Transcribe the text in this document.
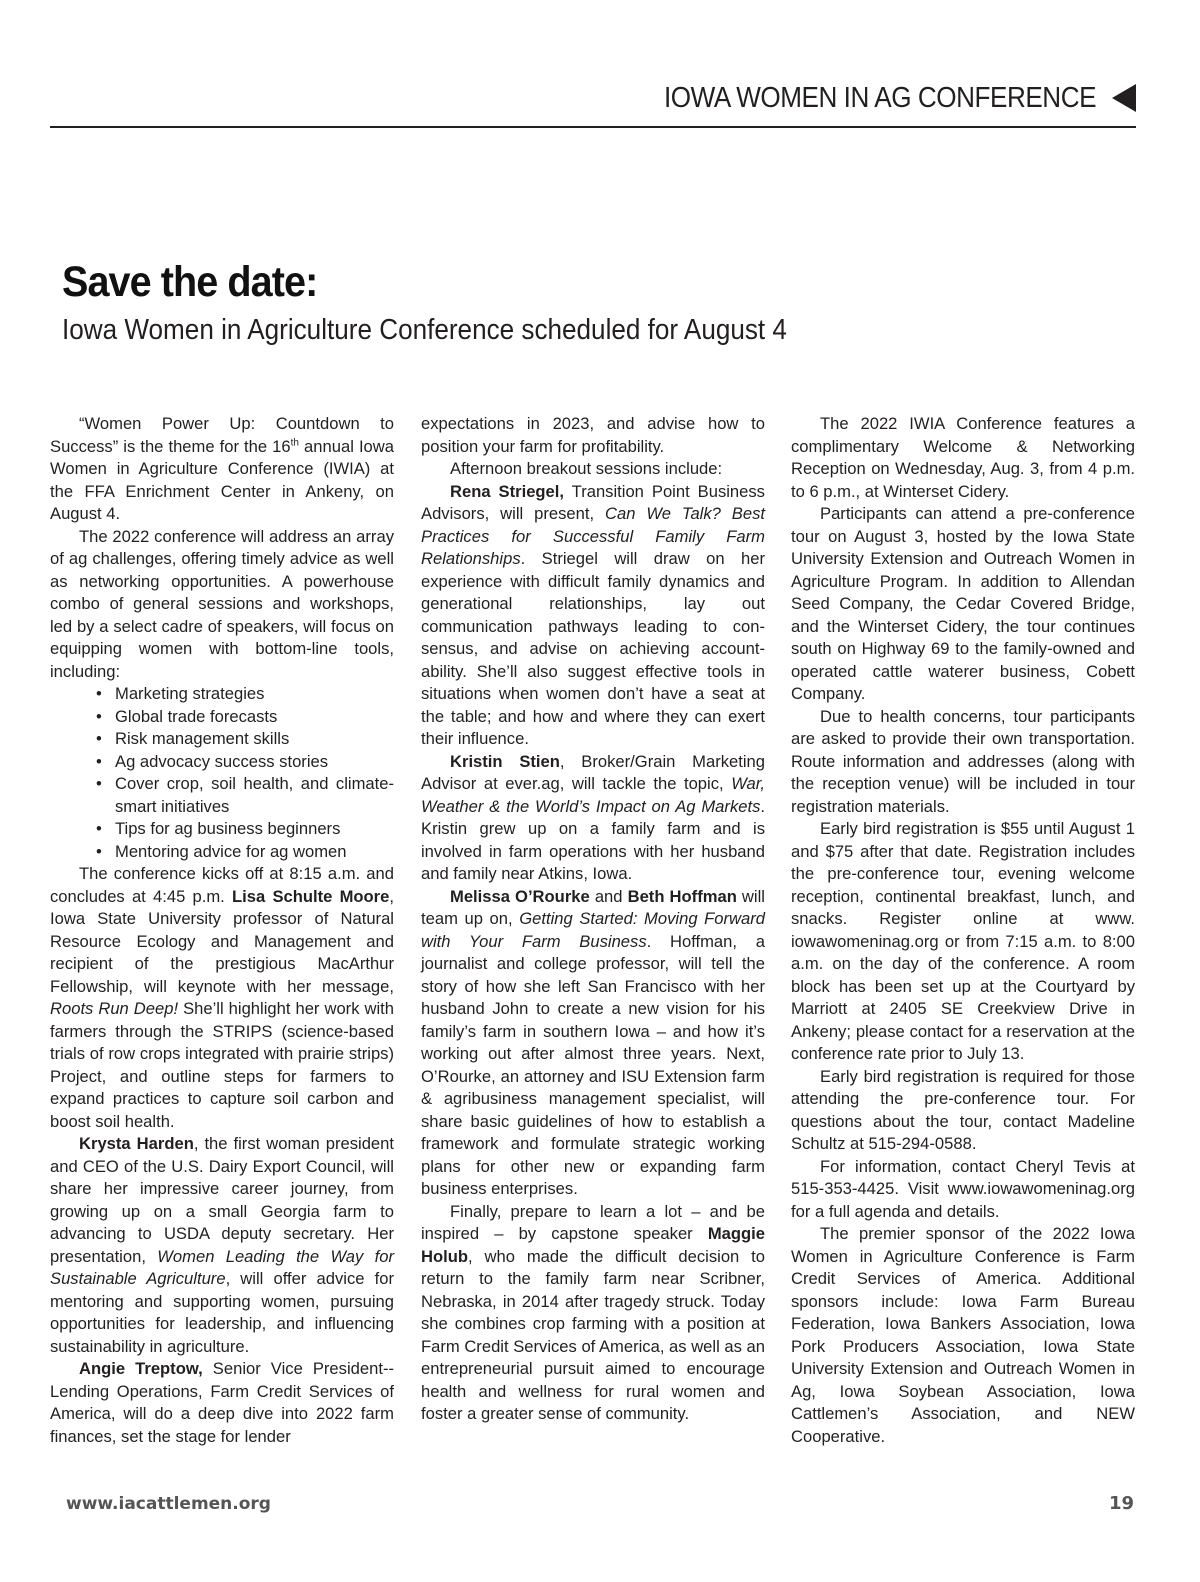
IOWA WOMEN IN AG CONFERENCE
Save the date:
Iowa Women in Agriculture Conference scheduled for August 4

“Women Power Up: Countdown to Success” is the theme for the 16th annual Iowa Women in Agriculture Conference (IWIA) at the FFA Enrichment Center in Ankeny, on August 4.

The 2022 conference will address an array of ag challenges, offering timely advice as well as networking opportunities. A powerhouse combo of general sessions and workshops, led by a select cadre of speakers, will focus on equipping women with bottom-line tools, including:

• Marketing strategies
• Global trade forecasts
• Risk management skills
• Ag advocacy success stories
• Cover crop, soil health, and climate-smart initiatives
• Tips for ag business beginners
• Mentoring advice for ag women

The conference kicks off at 8:15 a.m. and concludes at 4:45 p.m. Lisa Schulte Moore, Iowa State University professor of Natural Resource Ecology and Management and recipient of the prestigious MacArthur Fellowship, will keynote with her message, Roots Run Deep! She’ll highlight her work with farmers through the STRIPS (science-based trials of row crops integrated with prairie strips) Project, and outline steps for farmers to expand practices to capture soil carbon and boost soil health.

Krysta Harden, the first woman president and CEO of the U.S. Dairy Export Council, will share her impressive career journey, from growing up on a small Georgia farm to advancing to USDA deputy secretary. Her presentation, Women Leading the Way for Sustainable Agriculture, will offer advice for mentoring and supporting women, pursuing opportunities for leadership, and influencing sustainability in agriculture.

Angie Treptow, Senior Vice President--Lending Operations, Farm Credit Services of America, will do a deep dive into 2022 farm finances, set the stage for lender

expectations in 2023, and advise how to position your farm for profitability.

Afternoon breakout sessions include:

Rena Striegel, Transition Point Business Advisors, will present, Can We Talk? Best Practices for Successful Family Farm Relationships. Striegel will draw on her experience with difficult family dynamics and generational relationships, lay out communication pathways leading to consensus, and advise on achieving accountability. She’ll also suggest effective tools in situations when women don’t have a seat at the table; and how and where they can exert their influence.

Kristin Stien, Broker/Grain Marketing Advisor at ever.ag, will tackle the topic, War, Weather & the World’s Impact on Ag Markets. Kristin grew up on a family farm and is involved in farm operations with her husband and family near Atkins, Iowa.

Melissa O’Rourke and Beth Hoffman will team up on, Getting Started: Moving Forward with Your Farm Business. Hoffman, a journalist and college professor, will tell the story of how she left San Francisco with her husband John to create a new vision for his family’s farm in southern Iowa – and how it’s working out after almost three years. Next, O’Rourke, an attorney and ISU Extension farm & agribusiness management specialist, will share basic guidelines of how to establish a framework and formulate strategic working plans for other new or expanding farm business enterprises.

Finally, prepare to learn a lot – and be inspired – by capstone speaker Maggie Holub, who made the difficult decision to return to the family farm near Scribner, Nebraska, in 2014 after tragedy struck. Today she combines crop farming with a position at Farm Credit Services of America, as well as an entrepreneurial pursuit aimed to encourage health and wellness for rural women and foster a greater sense of community.

The 2022 IWIA Conference features a complimentary Welcome & Networking Reception on Wednesday, Aug. 3, from 4 p.m. to 6 p.m., at Winterset Cidery.

Participants can attend a pre-conference tour on August 3, hosted by the Iowa State University Extension and Outreach Women in Agriculture Program. In addition to Allendan Seed Company, the Cedar Covered Bridge, and the Winterset Cidery, the tour continues south on Highway 69 to the family-owned and operated cattle waterer business, Cobett Company.

Due to health concerns, tour participants are asked to provide their own transportation. Route information and addresses (along with the reception venue) will be included in tour registration materials.

Early bird registration is $55 until August 1 and $75 after that date. Registration includes the pre-conference tour, evening welcome reception, continental breakfast, lunch, and snacks. Register online at www.​iowawomeninag.org or from 7:15 a.m. to 8:00 a.m. on the day of the conference. A room block has been set up at the Courtyard by Marriott at 2405 SE Creekview Drive in Ankeny; please contact for a reservation at the conference rate prior to July 13.

Early bird registration is required for those attending the pre-conference tour. For questions about the tour, contact Madeline Schultz at 515-294-0588.

For information, contact Cheryl Tevis at 515-353-4425. Visit www.iowawomeninag.​org for a full agenda and details.

The premier sponsor of the 2022 Iowa Women in Agriculture Conference is Farm Credit Services of America. Additional sponsors include: Iowa Farm Bureau Federation, Iowa Bankers Association, Iowa Pork Producers Association, Iowa State University Extension and Outreach Women in Ag, Iowa Soybean Association, Iowa Cattlemen’s Association, and NEW Cooperative.

www.iacattlemen.org	19
